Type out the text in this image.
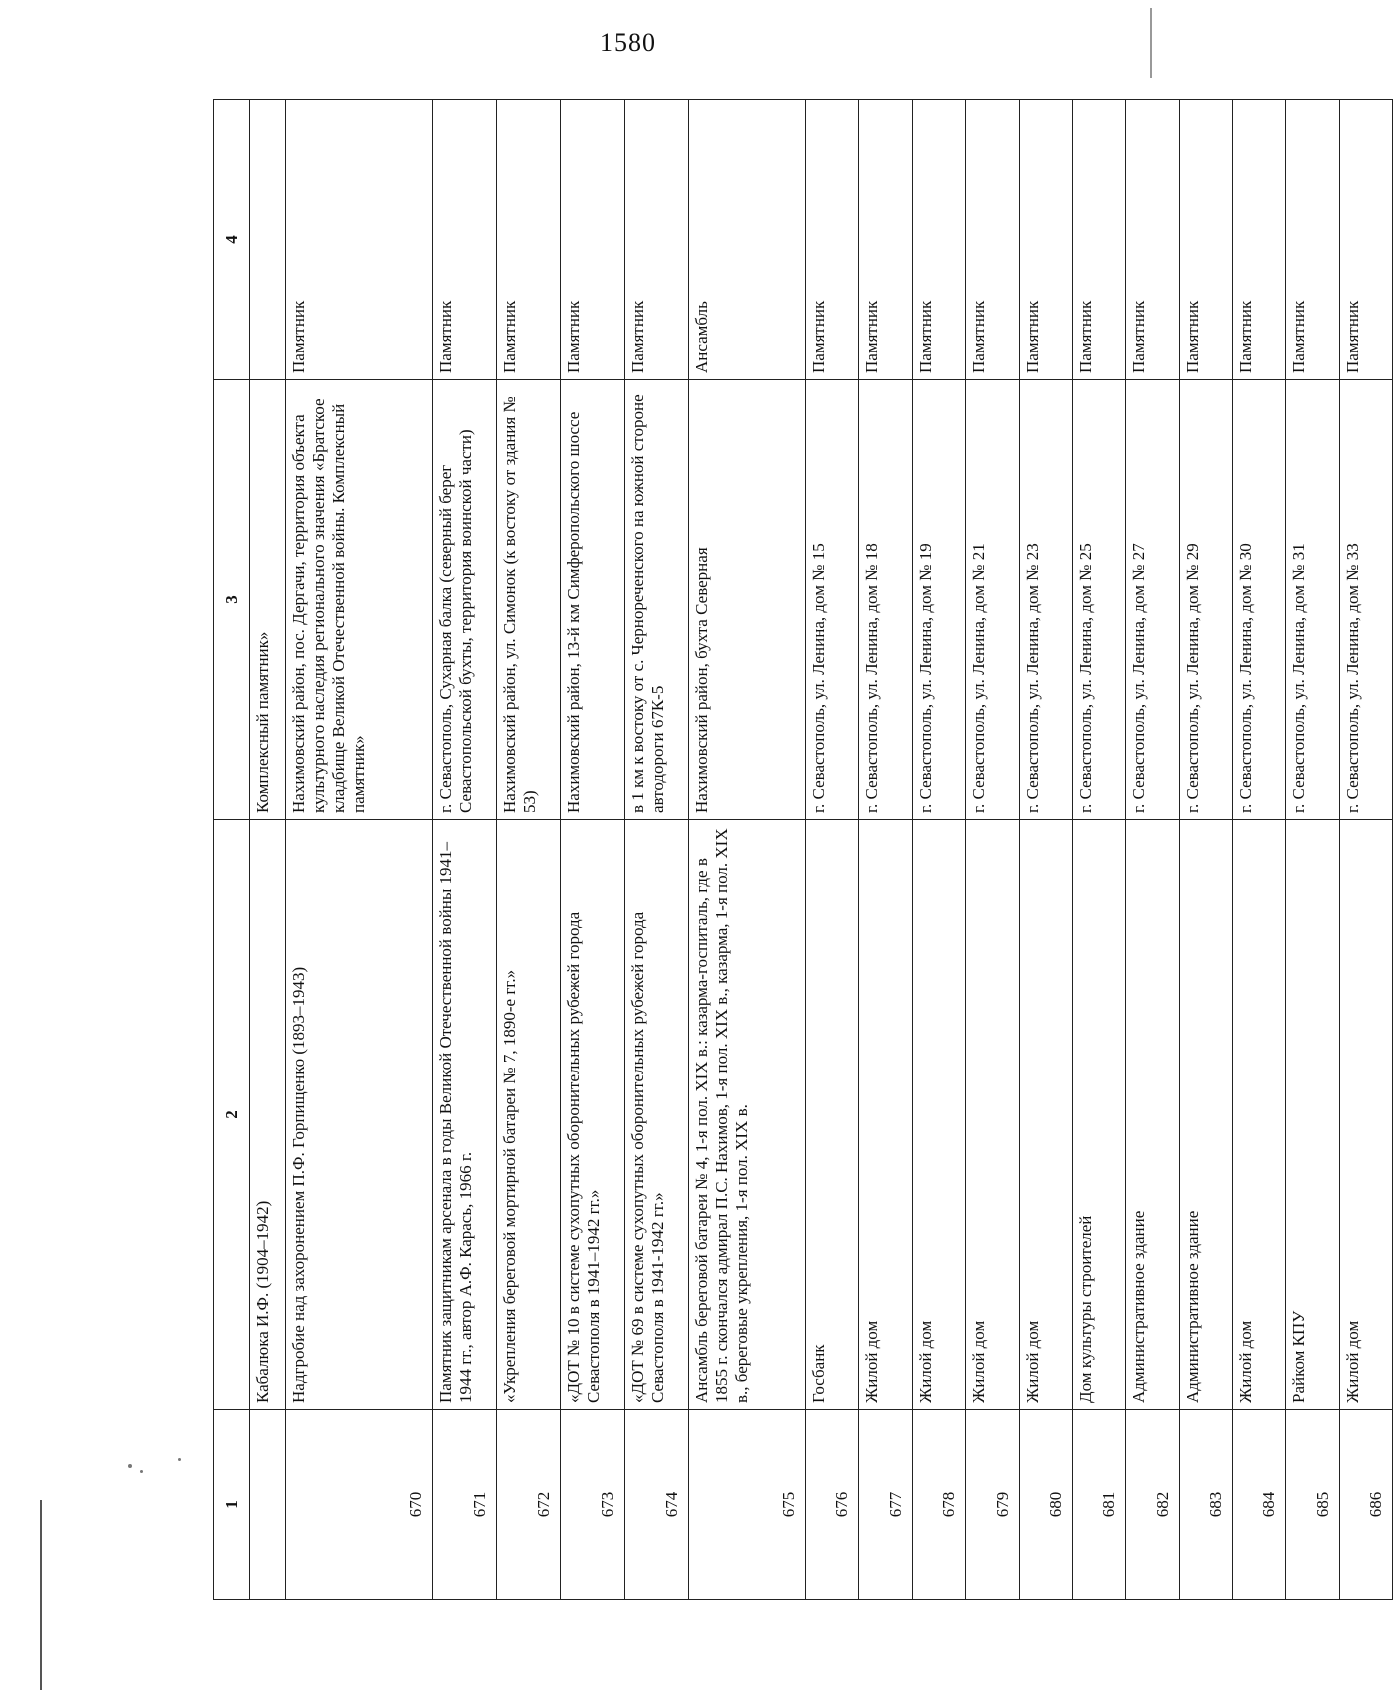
1580
1	2	3	4
	Кабалюка И.Ф. (1904–1942)	Комплексный памятник»	
670	Надгробие над захоронением П.Ф. Горпищенко (1893–1943)	Нахимовский район, пос. Дергачи, территория объекта культурного наследия регионального значения «Братское кладбище Великой Отечественной войны. Комплексный памятник»	Памятник
671	Памятник защитникам арсенала в годы Великой Отечественной войны 1941–1944 гг., автор А.Ф. Карась, 1966 г.	г. Севастополь, Сухарная балка (северный берег Севастопольской бухты, территория воинской части)	Памятник
672	«Укрепления береговой мортирной батареи № 7, 1890-е гг.»	Нахимовский район, ул. Симонок (к востоку от здания № 53)	Памятник
673	«ДОТ № 10 в системе сухопутных оборонительных рубежей города Севастополя в 1941–1942 гг.»	Нахимовский район, 13-й км Симферопольского шоссе	Памятник
674	«ДОТ № 69 в системе сухопутных оборонительных рубежей города Севастополя в 1941-1942 гг.»	в 1 км к востоку от с. Черноречeнского на южной стороне автодороги 67К-5	Памятник
675	Ансамбль береговой батареи № 4, 1-я пол. XIX в.: казарма-госпиталь, где в 1855 г. скончался адмирал П.С. Нахимов, 1-я пол. XIX в., казарма, 1-я пол. XIX в., береговые укрепления, 1-я пол. XIX в.	Нахимовский район, бухта Северная	Ансамбль
676	Госбанк	г. Севастополь, ул. Ленина, дом № 15	Памятник
677	Жилой дом	г. Севастополь, ул. Ленина, дом № 18	Памятник
678	Жилой дом	г. Севастополь, ул. Ленина, дом № 19	Памятник
679	Жилой дом	г. Севастополь, ул. Ленина, дом № 21	Памятник
680	Жилой дом	г. Севастополь, ул. Ленина, дом № 23	Памятник
681	Дом культуры строителей	г. Севастополь, ул. Ленина, дом № 25	Памятник
682	Административное здание	г. Севастополь, ул. Ленина, дом № 27	Памятник
683	Административное здание	г. Севастополь, ул. Ленина, дом № 29	Памятник
684	Жилой дом	г. Севастополь, ул. Ленина, дом № 30	Памятник
685	Райком КПУ	г. Севастополь, ул. Ленина, дом № 31	Памятник
686	Жилой дом	г. Севастополь, ул. Ленина, дом № 33	Памятник
